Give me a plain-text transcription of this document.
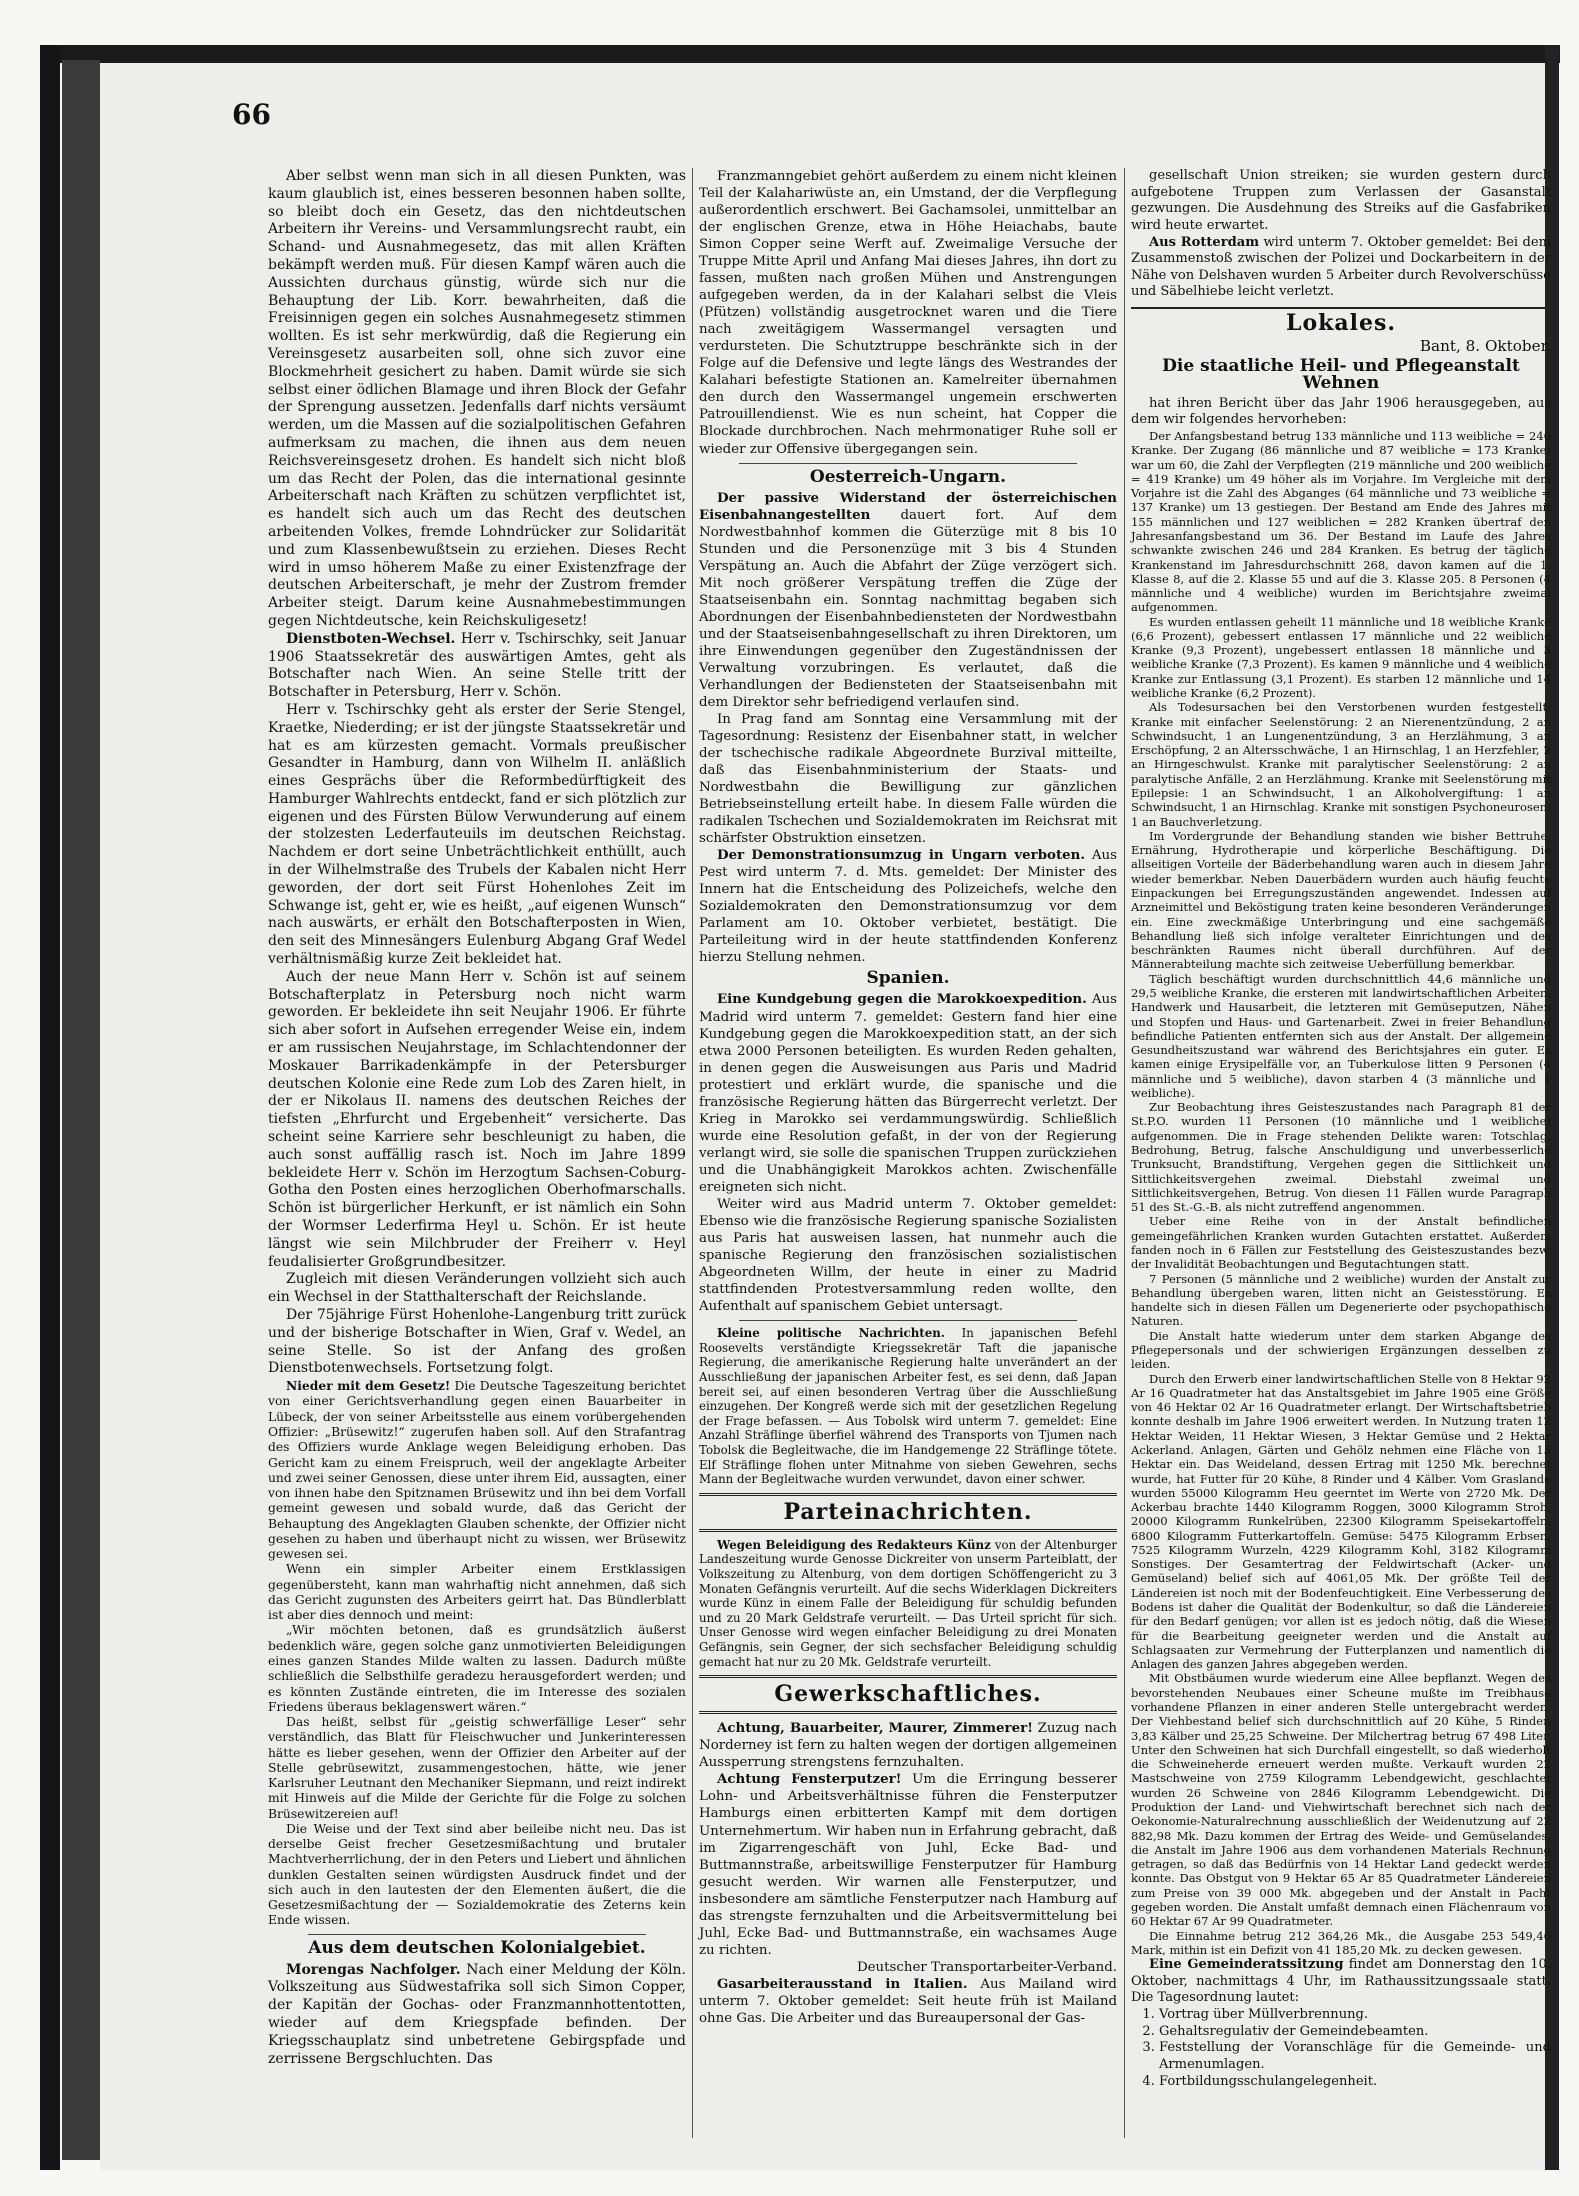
66

Aber selbst wenn man sich in all diesen Punkten, was kaum glaublich ist, eines besseren besonnen haben sollte, so bleibt doch ein Gesetz, das den nichtdeutschen Arbeitern ihr Vereins- und Versammlungsrecht raubt, ein Schand- und Ausnahmegesetz, das mit allen Kräften bekämpft werden muß. Für diesen Kampf wären auch die Aussichten durchaus günstig, würde sich nur die Behauptung der Lib. Korr. bewahrheiten, daß die Freisinnigen gegen ein solches Ausnahmegesetz stimmen wollten. Es ist sehr merkwürdig, daß die Regierung ein Vereinsgesetz ausarbeiten soll, ohne sich zuvor eine Blockmehrheit gesichert zu haben. Damit würde sie sich selbst einer ödlichen Blamage und ihren Block der Gefahr der Sprengung aussetzen. Jedenfalls darf nichts versäumt werden, um die Massen auf die sozialpolitischen Gefahren aufmerksam zu machen, die ihnen aus dem neuen Reichsvereinsgesetz drohen. Es handelt sich nicht bloß um das Recht der Polen, das die international gesinnte Arbeiterschaft nach Kräften zu schützen verpflichtet ist, es handelt sich auch um das Recht des deutschen arbeitenden Volkes, fremde Lohndrücker zur Solidarität und zum Klassenbewußtsein zu erziehen. Dieses Recht wird in umso höherem Maße zu einer Existenzfrage der deutschen Arbeiterschaft, je mehr der Zustrom fremder Arbeiter steigt. Darum keine Ausnahmebestimmungen gegen Nichtdeutsche, kein Reichskuligesetz!

Dienstboten-Wechsel. Herr v. Tschirschky, seit Januar 1906 Staatssekretär des auswärtigen Amtes, geht als Botschafter nach Wien. An seine Stelle tritt der Botschafter in Petersburg, Herr v. Schön.

Herr v. Tschirschky geht als erster der Serie Stengel, Kraetke, Niederding; er ist der jüngste Staatssekretär und hat es am kürzesten gemacht. Vormals preußischer Gesandter in Hamburg, dann von Wilhelm II. anläßlich eines Gesprächs über die Reformbedürftigkeit des Hamburger Wahlrechts entdeckt, fand er sich plötzlich zur eigenen und des Fürsten Bülow Verwunderung auf einem der stolzesten Lederfauteuils im deutschen Reichstag. Nachdem er dort seine Unbeträchtlichkeit enthüllt, auch in der Wilhelmstraße des Trubels der Kabalen nicht Herr geworden, der dort seit Fürst Hohenlohes Zeit im Schwange ist, geht er, wie es heißt, „auf eigenen Wunsch“ nach auswärts, er erhält den Botschafterposten in Wien, den seit des Minnesängers Eulenburg Abgang Graf Wedel verhältnismäßig kurze Zeit bekleidet hat.

Auch der neue Mann Herr v. Schön ist auf seinem Botschafterplatz in Petersburg noch nicht warm geworden. Er bekleidete ihn seit Neujahr 1906. Er führte sich aber sofort in Aufsehen erregender Weise ein, indem er am russischen Neujahrstage, im Schlachtendonner der Moskauer Barrikadenkämpfe in der Petersburger deutschen Kolonie eine Rede zum Lob des Zaren hielt, in der er Nikolaus II. namens des deutschen Reiches der tiefsten „Ehrfurcht und Ergebenheit“ versicherte. Das scheint seine Karriere sehr beschleunigt zu haben, die auch sonst auffällig rasch ist. Noch im Jahre 1899 bekleidete Herr v. Schön im Herzogtum Sachsen-Coburg-Gotha den Posten eines herzoglichen Oberhofmarschalls. Schön ist bürgerlicher Herkunft, er ist nämlich ein Sohn der Wormser Lederfirma Heyl u. Schön. Er ist heute längst wie sein Milchbruder der Freiherr v. Heyl feudalisierter Großgrundbesitzer.

Zugleich mit diesen Veränderungen vollzieht sich auch ein Wechsel in der Statthalterschaft der Reichslande.

Der 75jährige Fürst Hohenlohe-Langenburg tritt zurück und der bisherige Botschafter in Wien, Graf v. Wedel, an seine Stelle. So ist der Anfang des großen Dienstbotenwechsels. Fortsetzung folgt.

Nieder mit dem Gesetz! Die Deutsche Tageszeitung berichtet von einer Gerichtsverhandlung gegen einen Bauarbeiter in Lübeck, der von seiner Arbeitsstelle aus einem vorübergehenden Offizier: „Brüsewitz!“ zugerufen haben soll. Auf den Strafantrag des Offiziers wurde Anklage wegen Beleidigung erhoben. Das Gericht kam zu einem Freispruch, weil der angeklagte Arbeiter und zwei seiner Genossen, diese unter ihrem Eid, aussagten, einer von ihnen habe den Spitznamen Brüsewitz und ihn bei dem Vorfall gemeint gewesen und sobald wurde, daß das Gericht der Behauptung des Angeklagten Glauben schenkte, der Offizier nicht gesehen zu haben und überhaupt nicht zu wissen, wer Brüsewitz gewesen sei.

Wenn ein simpler Arbeiter einem Erstklassigen gegenübersteht, kann man wahrhaftig nicht annehmen, daß sich das Gericht zugunsten des Arbeiters geirrt hat. Das Bündlerblatt ist aber dies dennoch und meint:

„Wir möchten betonen, daß es grundsätzlich äußerst bedenklich wäre, gegen solche ganz unmotivierten Beleidigungen eines ganzen Standes Milde walten zu lassen. Dadurch müßte schließlich die Selbsthilfe geradezu herausgefordert werden; und es könnten Zustände eintreten, die im Interesse des sozialen Friedens überaus beklagenswert wären.“

Das heißt, selbst für „geistig schwerfällige Leser“ sehr verständlich, das Blatt für Fleischwucher und Junkerinteressen hätte es lieber gesehen, wenn der Offizier den Arbeiter auf der Stelle gebrüsewitzt, zusammengestochen, hätte, wie jener Karlsruher Leutnant den Mechaniker Siepmann, und reizt indirekt mit Hinweis auf die Milde der Gerichte für die Folge zu solchen Brüsewitzereien auf!

Die Weise und der Text sind aber beileibe nicht neu. Das ist derselbe Geist frecher Gesetzesmißachtung und brutaler Machtverherrlichung, der in den Peters und Liebert und ähnlichen dunklen Gestalten seinen würdigsten Ausdruck findet und der sich auch in den lautesten der den Elementen äußert, die die Gesetzesmißachtung der — Sozialdemokratie des Zeterns kein Ende wissen.

Aus dem deutschen Kolonialgebiet.

Morengas Nachfolger. Nach einer Meldung der Köln. Volkszeitung aus Südwestafrika soll sich Simon Copper, der Kapitän der Gochas- oder Franzmannhottentotten, wieder auf dem Kriegspfade befinden. Der Kriegsschauplatz sind unbetretene Gebirgspfade und zerrissene Bergschluchten. Das

Franzmanngebiet gehört außerdem zu einem nicht kleinen Teil der Kalahariwüste an, ein Umstand, der die Verpflegung außerordentlich erschwert. Bei Gachamsolei, unmittelbar an der englischen Grenze, etwa in Höhe Heiachabs, baute Simon Copper seine Werft auf. Zweimalige Versuche der Truppe Mitte April und Anfang Mai dieses Jahres, ihn dort zu fassen, mußten nach großen Mühen und Anstrengungen aufgegeben werden, da in der Kalahari selbst die Vleis (Pfützen) vollständig ausgetrocknet waren und die Tiere nach zweitägigem Wassermangel versagten und verdursteten. Die Schutztruppe beschränkte sich in der Folge auf die Defensive und legte längs des Westrandes der Kalahari befestigte Stationen an. Kamelreiter übernahmen den durch den Wassermangel ungemein erschwerten Patrouillendienst. Wie es nun scheint, hat Copper die Blockade durchbrochen. Nach mehrmonatiger Ruhe soll er wieder zur Offensive übergegangen sein.

Oesterreich-Ungarn.

Der passive Widerstand der österreichischen Eisenbahnangestellten dauert fort. Auf dem Nordwestbahnhof kommen die Güterzüge mit 8 bis 10 Stunden und die Personenzüge mit 3 bis 4 Stunden Verspätung an. Auch die Abfahrt der Züge verzögert sich. Mit noch größerer Verspätung treffen die Züge der Staatseisenbahn ein. Sonntag nachmittag begaben sich Abordnungen der Eisenbahnbediensteten der Nordwestbahn und der Staatseisenbahngesellschaft zu ihren Direktoren, um ihre Einwendungen gegenüber den Zugeständnissen der Verwaltung vorzubringen. Es verlautet, daß die Verhandlungen der Bediensteten der Staatseisenbahn mit dem Direktor sehr befriedigend verlaufen sind.

In Prag fand am Sonntag eine Versammlung mit der Tagesordnung: Resistenz der Eisenbahner statt, in welcher der tschechische radikale Abgeordnete Burzival mitteilte, daß das Eisenbahnministerium der Staats- und Nordwestbahn die Bewilligung zur gänzlichen Betriebseinstellung erteilt habe. In diesem Falle würden die radikalen Tschechen und Sozialdemokraten im Reichsrat mit schärfster Obstruktion einsetzen.

Der Demonstrationsumzug in Ungarn verboten. Aus Pest wird unterm 7. d. Mts. gemeldet: Der Minister des Innern hat die Entscheidung des Polizeichefs, welche den Sozialdemokraten den Demonstrationsumzug vor dem Parlament am 10. Oktober verbietet, bestätigt. Die Parteileitung wird in der heute stattfindenden Konferenz hierzu Stellung nehmen.

Spanien.

Eine Kundgebung gegen die Marokkoexpedition. Aus Madrid wird unterm 7. gemeldet: Gestern fand hier eine Kundgebung gegen die Marokkoexpedition statt, an der sich etwa 2000 Personen beteiligten. Es wurden Reden gehalten, in denen gegen die Ausweisungen aus Paris und Madrid protestiert und erklärt wurde, die spanische und die französische Regierung hätten das Bürgerrecht verletzt. Der Krieg in Marokko sei verdammungswürdig. Schließlich wurde eine Resolution gefaßt, in der von der Regierung verlangt wird, sie solle die spanischen Truppen zurückziehen und die Unabhängigkeit Marokkos achten. Zwischenfälle ereigneten sich nicht.

Weiter wird aus Madrid unterm 7. Oktober gemeldet: Ebenso wie die französische Regierung spanische Sozialisten aus Paris hat ausweisen lassen, hat nunmehr auch die spanische Regierung den französischen sozialistischen Abgeordneten Willm, der heute in einer zu Madrid stattfindenden Protestversammlung reden wollte, den Aufenthalt auf spanischem Gebiet untersagt.

Kleine politische Nachrichten. In japanischen Befehl Roosevelts verständigte Kriegssekretär Taft die japanische Regierung, die amerikanische Regierung halte unverändert an der Ausschließung der japanischen Arbeiter fest, es sei denn, daß Japan bereit sei, auf einen besonderen Vertrag über die Ausschließung einzugehen. Der Kongreß werde sich mit der gesetzlichen Regelung der Frage befassen. — Aus Tobolsk wird unterm 7. gemeldet: Eine Anzahl Sträflinge überfiel während des Transports von Tjumen nach Tobolsk die Begleitwache, die im Handgemenge 22 Sträflinge tötete. Elf Sträflinge flohen unter Mitnahme von sieben Gewehren, sechs Mann der Begleitwache wurden verwundet, davon einer schwer.

Parteinachrichten.

Wegen Beleidigung des Redakteurs Künz von der Altenburger Landeszeitung wurde Genosse Dickreiter von unserm Parteiblatt, der Volkszeitung zu Altenburg, von dem dortigen Schöffengericht zu 3 Monaten Gefängnis verurteilt. Auf die sechs Widerklagen Dickreiters wurde Künz in einem Falle der Beleidigung für schuldig befunden und zu 20 Mark Geldstrafe verurteilt. — Das Urteil spricht für sich. Unser Genosse wird wegen einfacher Beleidigung zu drei Monaten Gefängnis, sein Gegner, der sich sechsfacher Beleidigung schuldig gemacht hat nur zu 20 Mk. Geldstrafe verurteilt.

Gewerkschaftliches.

Achtung, Bauarbeiter, Maurer, Zimmerer! Zuzug nach Norderney ist fern zu halten wegen der dortigen allgemeinen Aussperrung strengstens fernzuhalten.

Achtung Fensterputzer! Um die Erringung besserer Lohn- und Arbeitsverhältnisse führen die Fensterputzer Hamburgs einen erbitterten Kampf mit dem dortigen Unternehmertum. Wir haben nun in Erfahrung gebracht, daß im Zigarrengeschäft von Juhl, Ecke Bad- und Buttmannstraße, arbeitswillige Fensterputzer für Hamburg gesucht werden. Wir warnen alle Fensterputzer, und insbesondere am sämtliche Fensterputzer nach Hamburg auf das strengste fernzuhalten und die Arbeitsvermittelung bei Juhl, Ecke Bad- und Buttmannstraße, ein wachsames Auge zu richten.

Deutscher Transportarbeiter-Verband.

Gasarbeiterausstand in Italien. Aus Mailand wird unterm 7. Oktober gemeldet: Seit heute früh ist Mailand ohne Gas. Die Arbeiter und das Bureaupersonal der Gas-

gesellschaft Union streiken; sie wurden gestern durch aufgebotene Truppen zum Verlassen der Gasanstalt gezwungen. Die Ausdehnung des Streiks auf die Gasfabriken wird heute erwartet.

Aus Rotterdam wird unterm 7. Oktober gemeldet: Bei dem Zusammenstoß zwischen der Polizei und Dockarbeitern in der Nähe von Delshaven wurden 5 Arbeiter durch Revolverschüsse und Säbelhiebe leicht verletzt.

Lokales.
Bant, 8. Oktober.
Die staatliche Heil- und Pflegeanstalt Wehnen

hat ihren Bericht über das Jahr 1906 herausgegeben, aus dem wir folgendes hervorheben:

Der Anfangsbestand betrug 133 männliche und 113 weibliche = 246 Kranke. Der Zugang (86 männliche und 87 weibliche = 173 Kranke) war um 60, die Zahl der Verpflegten (219 männliche und 200 weibliche = 419 Kranke) um 49 höher als im Vorjahre. Im Vergleiche mit dem Vorjahre ist die Zahl des Abganges (64 männliche und 73 weibliche = 137 Kranke) um 13 gestiegen. Der Bestand am Ende des Jahres mit 155 männlichen und 127 weiblichen = 282 Kranken übertraf den Jahresanfangsbestand um 36. Der Bestand im Laufe des Jahres schwankte zwischen 246 und 284 Kranken. Es betrug der tägliche Krankenstand im Jahresdurchschnitt 268, davon kamen auf die 1. Klasse 8, auf die 2. Klasse 55 und auf die 3. Klasse 205. 8 Personen (4 männliche und 4 weibliche) wurden im Berichtsjahre zweimal aufgenommen.

Es wurden entlassen geheilt 11 männliche und 18 weibliche Kranke (6,6 Prozent), gebessert entlassen 17 männliche und 22 weibliche Kranke (9,3 Prozent), ungebessert entlassen 18 männliche und 3 weibliche Kranke (7,3 Prozent). Es kamen 9 männliche und 4 weibliche Kranke zur Entlassung (3,1 Prozent). Es starben 12 männliche und 14 weibliche Kranke (6,2 Prozent).

Als Todesursachen bei den Verstorbenen wurden festgestellt: Kranke mit einfacher Seelenstörung: 2 an Nierenentzündung, 2 an Schwindsucht, 1 an Lungenentzündung, 3 an Herzlähmung, 3 an Erschöpfung, 2 an Altersschwäche, 1 an Hirnschlag, 1 an Herzfehler, 2 an Hirngeschwulst. Kranke mit paralytischer Seelenstörung: 2 an paralytische Anfälle, 2 an Herzlähmung. Kranke mit Seelenstörung mit Epilepsie: 1 an Schwindsucht, 1 an Alkoholvergiftung: 1 an Schwindsucht, 1 an Hirnschlag. Kranke mit sonstigen Psychoneurosen: 1 an Bauchverletzung.

Im Vordergrunde der Behandlung standen wie bisher Bettruhe, Ernährung, Hydrotherapie und körperliche Beschäftigung. Die allseitigen Vorteile der Bäderbehandlung waren auch in diesem Jahre wieder bemerkbar. Neben Dauerbädern wurden auch häufig feuchte Einpackungen bei Erregungszuständen angewendet. Indessen auf Arzneimittel und Beköstigung traten keine besonderen Veränderungen ein. Eine zweckmäßige Unterbringung und eine sachgemäße Behandlung ließ sich infolge veralteter Einrichtungen und des beschränkten Raumes nicht überall durchführen. Auf der Männerabteilung machte sich zeitweise Ueberfüllung bemerkbar.

Täglich beschäftigt wurden durchschnittlich 44,6 männliche und 29,5 weibliche Kranke, die ersteren mit landwirtschaftlichen Arbeiten, Handwerk und Hausarbeit, die letzteren mit Gemüseputzen, Nähen und Stopfen und Haus- und Gartenarbeit. Zwei in freier Behandlung befindliche Patienten entfernten sich aus der Anstalt. Der allgemeine Gesundheitszustand war während des Berichtsjahres ein guter. Es kamen einige Erysipelfälle vor, an Tuberkulose litten 9 Personen (4 männliche und 5 weibliche), davon starben 4 (3 männliche und 1 weibliche).

Zur Beobachtung ihres Geisteszustandes nach Paragraph 81 der St.P.O. wurden 11 Personen (10 männliche und 1 weibliche) aufgenommen. Die in Frage stehenden Delikte waren: Totschlag, Bedrohung, Betrug, falsche Anschuldigung und unverbesserliche Trunksucht, Brandstiftung, Vergehen gegen die Sittlichkeit und Sittlichkeitsvergehen zweimal. Diebstahl zweimal und Sittlichkeitsvergehen, Betrug. Von diesen 11 Fällen wurde Paragraph 51 des St.-G.-B. als nicht zutreffend angenommen.

Ueber eine Reihe von in der Anstalt befindlichen gemeingefährlichen Kranken wurden Gutachten erstattet. Außerdem fanden noch in 6 Fällen zur Feststellung des Geisteszustandes bezw. der Invalidität Beobachtungen und Begutachtungen statt.

7 Personen (5 männliche und 2 weibliche) wurden der Anstalt zur Behandlung übergeben waren, litten nicht an Geistesstörung. Es handelte sich in diesen Fällen um Degenerierte oder psychopathische Naturen.

Die Anstalt hatte wiederum unter dem starken Abgange des Pflegepersonals und der schwierigen Ergänzungen desselben zu leiden.

Durch den Erwerb einer landwirtschaftlichen Stelle von 8 Hektar 92 Ar 16 Quadratmeter hat das Anstaltsgebiet im Jahre 1905 eine Größe von 46 Hektar 02 Ar 16 Quadratmeter erlangt. Der Wirtschaftsbetrieb konnte deshalb im Jahre 1906 erweitert werden. In Nutzung traten 12 Hektar Weiden, 11 Hektar Wiesen, 3 Hektar Gemüse und 2 Hektar Ackerland. Anlagen, Gärten und Gehölz nehmen eine Fläche von 15 Hektar ein. Das Weideland, dessen Ertrag mit 1250 Mk. berechnet wurde, hat Futter für 20 Kühe, 8 Rinder und 4 Kälber. Vom Graslande wurden 55000 Kilogramm Heu geerntet im Werte von 2720 Mk. Der Ackerbau brachte 1440 Kilogramm Roggen, 3000 Kilogramm Stroh, 20000 Kilogramm Runkelrüben, 22300 Kilogramm Speisekartoffeln, 6800 Kilogramm Futterkartoffeln. Gemüse: 5475 Kilogramm Erbsen, 7525 Kilogramm Wurzeln, 4229 Kilogramm Kohl, 3182 Kilogramm Sonstiges. Der Gesamtertrag der Feldwirtschaft (Acker- und Gemüseland) belief sich auf 4061,05 Mk. Der größte Teil der Ländereien ist noch mit der Bodenfeuchtigkeit. Eine Verbesserung des Bodens ist daher die Qualität der Bodenkultur, so daß die Ländereien für den Bedarf genügen; vor allen ist es jedoch nötig, daß die Wiesen für die Bearbeitung geeigneter werden und die Anstalt auf Schlagsaaten zur Vermehrung der Futterplanzen und namentlich die Anlagen des ganzen Jahres abgegeben werden.

Mit Obstbäumen wurde wiederum eine Allee bepflanzt. Wegen des bevorstehenden Neubaues einer Scheune mußte im Treibhause vorhandene Pflanzen in einer anderen Stelle untergebracht werden. Der Viehbestand belief sich durchschnittlich auf 20 Kühe, 5 Rinder, 3,83 Kälber und 25,25 Schweine. Der Milchertrag betrug 67 498 Liter. Unter den Schweinen hat sich Durchfall eingestellt, so daß wiederholt die Schweineherde erneuert werden mußte. Verkauft wurden 22 Mastschweine von 2759 Kilogramm Lebendgewicht, geschlachtet wurden 26 Schweine von 2846 Kilogramm Lebendgewicht. Die Produktion der Land- und Viehwirtschaft berechnet sich nach der Oekonomie-Naturalrechnung ausschließlich der Weidenutzung auf 22 882,98 Mk. Dazu kommen der Ertrag des Weide- und Gemüselandes, die Anstalt im Jahre 1906 aus dem vorhandenen Materials Rechnung getragen, so daß das Bedürfnis von 14 Hektar Land gedeckt werden konnte. Das Obstgut von 9 Hektar 65 Ar 85 Quadratmeter Ländereien zum Preise von 39 000 Mk. abgegeben und der Anstalt in Pacht gegeben worden. Die Anstalt umfaßt demnach einen Flächenraum von 60 Hektar 67 Ar 99 Quadratmeter.

Die Einnahme betrug 212 364,26 Mk., die Ausgabe 253 549,46 Mark, mithin ist ein Defizit von 41 185,20 Mk. zu decken gewesen.

Eine Gemeinderatssitzung findet am Donnerstag den 10. Oktober, nachmittags 4 Uhr, im Rathaussitzungssaale statt. Die Tagesordnung lautet:

1. Vortrag über Müllverbrennung.
2. Gehaltsregulativ der Gemeindebeamten.
3. Feststellung der Voranschläge für die Gemeinde- und Armenumlagen.
4. Fortbildungsschulangelegenheit.
